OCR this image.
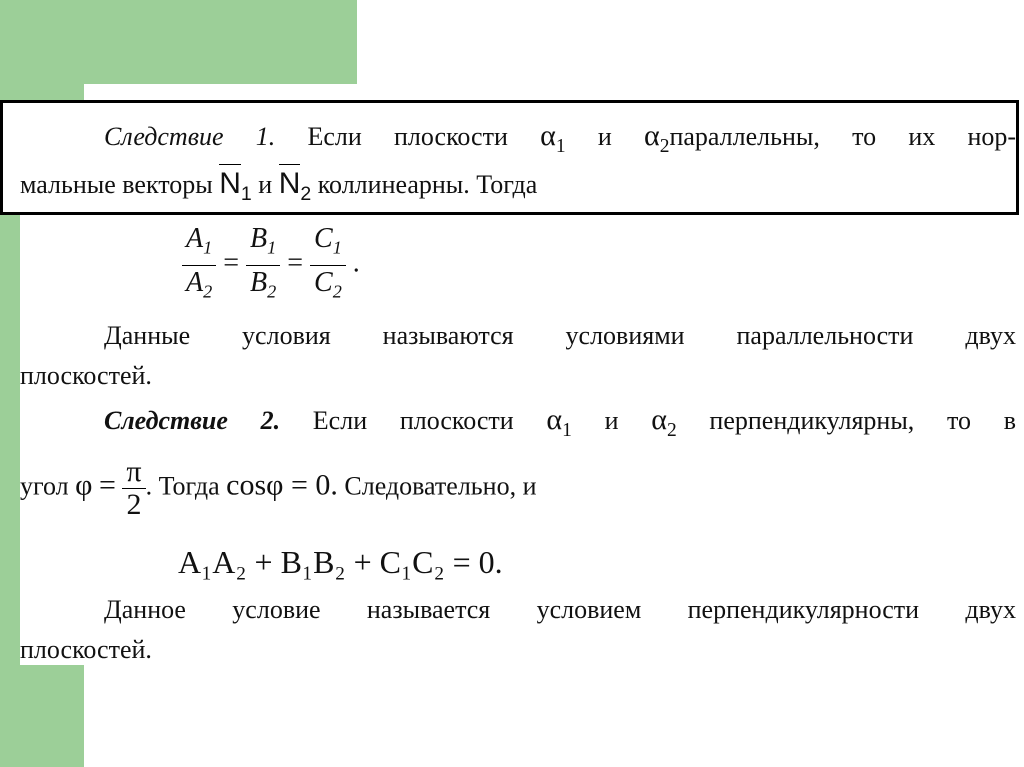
Следствие 1. Если плоскости $\alpha_1$ и $\alpha_2параллельны$, то их нор-
мальные векторы $N_1$ и $N_2$ коллинеарны. Тогда
$\frac{A_1}{A_2} = \frac{B_1}{B_2} = \frac{C_1}{C_2}$ .
Данные условия называются условиями параллельности двух
плоскостей.
Следствие 2. Если плоскости $\alpha_1$ и $\alpha_2$ перпендикулярны, то в
угол $\varphi = \frac{\pi}{2}$ . Тогда cosφ = 0. Следовательно, и
A₁A₂ + B₁B₂ + C₁C₂ = 0.
Данное условие называется условием перпендикулярности двух
плоскостей.
